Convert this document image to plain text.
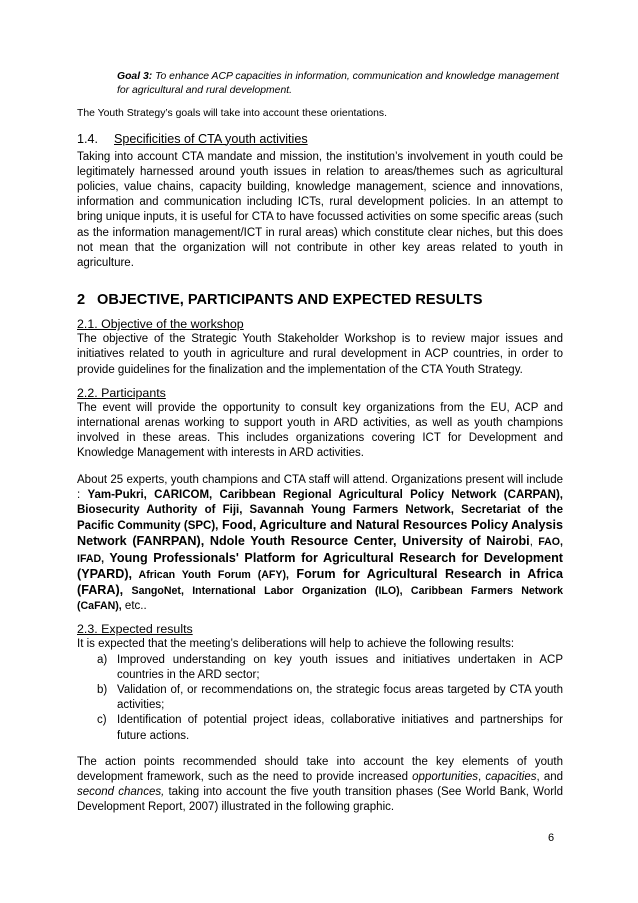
Goal 3: To enhance ACP capacities in information, communication and knowledge management for agricultural and rural development.

The Youth Strategy’s goals will take into account these orientations.

1.4. Specificities of CTA youth activities

Taking into account CTA mandate and mission, the institution’s involvement in youth could be legitimately harnessed around youth issues in relation to areas/themes such as agricultural policies, value chains, capacity building, knowledge management, science and innovations, information and communication including ICTs, rural development policies. In an attempt to bring unique inputs, it is useful for CTA to have focussed activities on some specific areas (such as the information management/ICT in rural areas) which constitute clear niches, but this does not mean that the organization will not contribute in other key areas related to youth in agriculture.

2 OBJECTIVE, PARTICIPANTS AND EXPECTED RESULTS

2.1. Objective of the workshop

The objective of the Strategic Youth Stakeholder Workshop is to review major issues and initiatives related to youth in agriculture and rural development in ACP countries, in order to provide guidelines for the finalization and the implementation of the CTA Youth Strategy.

2.2. Participants

The event will provide the opportunity to consult key organizations from the EU, ACP and international arenas working to support youth in ARD activities, as well as youth champions involved in these areas. This includes organizations covering ICT for Development and Knowledge Management with interests in ARD activities.

About 25 experts, youth champions and CTA staff will attend. Organizations present will include : Yam-Pukri, CARICOM, Caribbean Regional Agricultural Policy Network (CARPAN), Biosecurity Authority of Fiji, Savannah Young Farmers Network, Secretariat of the Pacific Community (SPC), Food, Agriculture and Natural Resources Policy Analysis Network (FANRPAN), Ndole Youth Resource Center, University of Nairobi, FAO, IFAD, Young Professionals' Platform for Agricultural Research for Development (YPARD), African Youth Forum (AFY), Forum for Agricultural Research in Africa (FARA), SangoNet, International Labor Organization (ILO), Caribbean Farmers Network (CaFAN), etc..

2.3. Expected results

It is expected that the meeting’s deliberations will help to achieve the following results:

a) Improved understanding on key youth issues and initiatives undertaken in ACP countries in the ARD sector;
b) Validation of, or recommendations on, the strategic focus areas targeted by CTA youth activities;
c) Identification of potential project ideas, collaborative initiatives and partnerships for future actions.

The action points recommended should take into account the key elements of youth development framework, such as the need to provide increased opportunities, capacities, and second chances, taking into account the five youth transition phases (See World Bank, World Development Report, 2007) illustrated in the following graphic.

6
